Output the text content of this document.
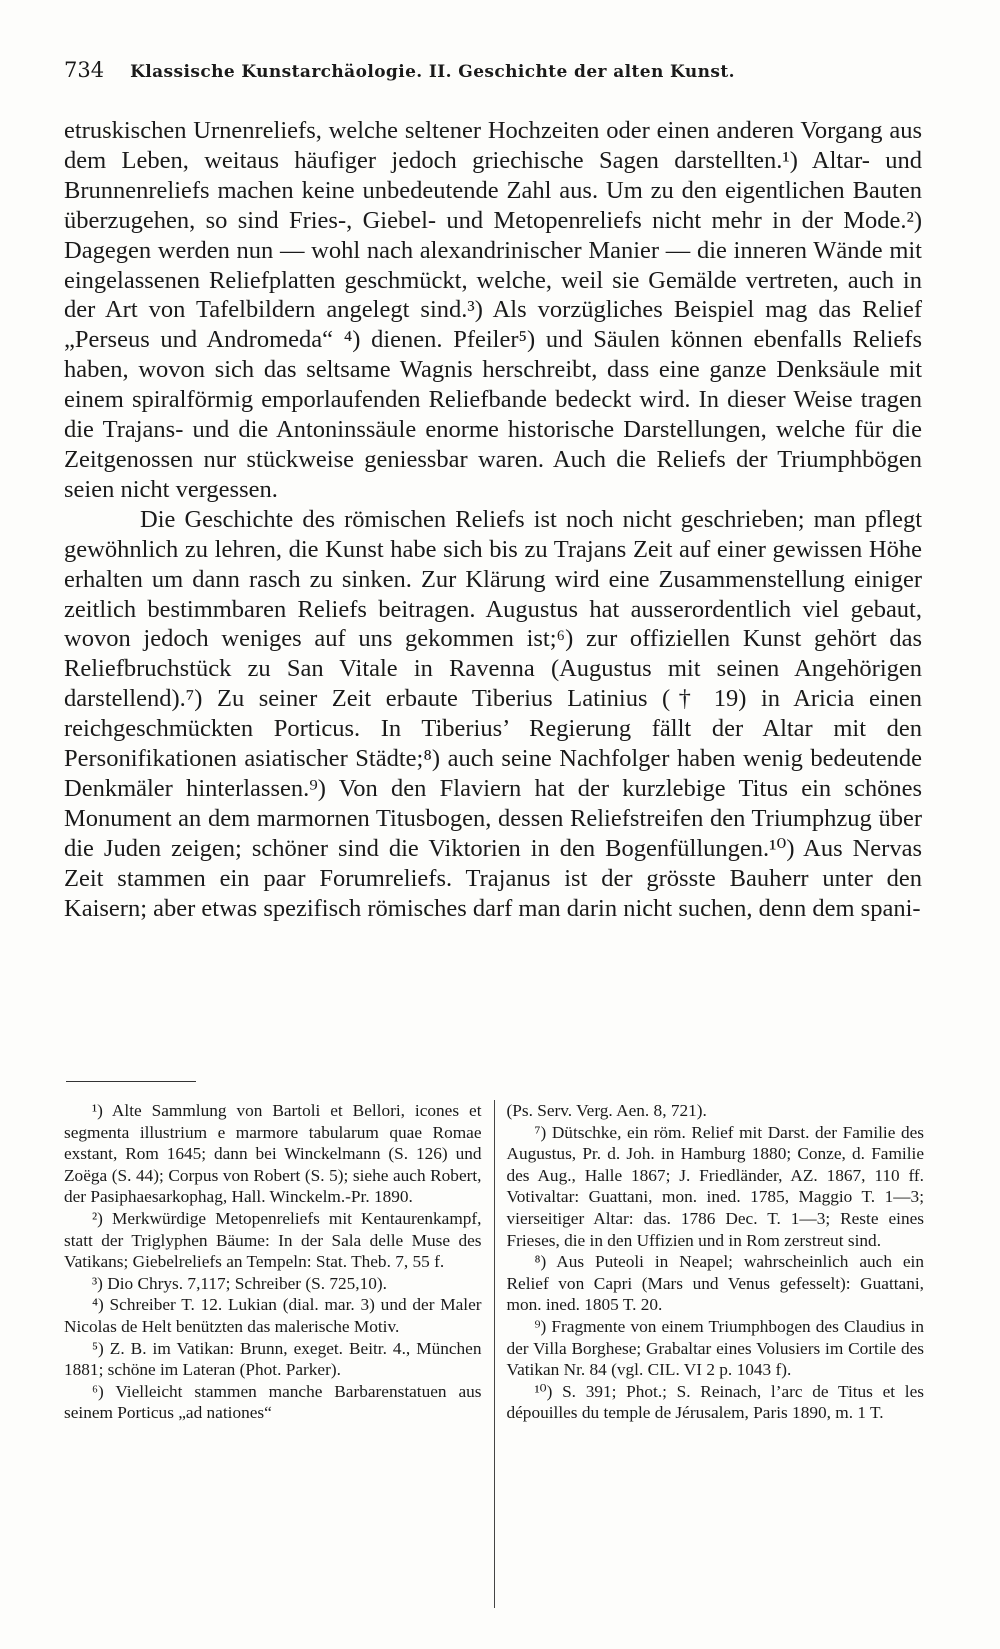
734 Klassische Kunstarchäologie. II. Geschichte der alten Kunst.

etruskischen Urnenreliefs, welche seltener Hochzeiten oder einen anderen Vorgang aus dem Leben, weitaus häufiger jedoch griechische Sagen darstellten.¹) Altar- und Brunnenreliefs machen keine unbedeutende Zahl aus. Um zu den eigentlichen Bauten überzugehen, so sind Fries-, Giebel- und Metopenreliefs nicht mehr in der Mode.²) Dagegen werden nun — wohl nach alexandrinischer Manier — die inneren Wände mit eingelassenen Reliefplatten geschmückt, welche, weil sie Gemälde vertreten, auch in der Art von Tafelbildern angelegt sind.³) Als vorzügliches Beispiel mag das Relief „Perseus und Andromeda“ ⁴) dienen. Pfeiler⁵) und Säulen können ebenfalls Reliefs haben, wovon sich das seltsame Wagnis herschreibt, dass eine ganze Denksäule mit einem spiralförmig emporlaufenden Reliefbande bedeckt wird. In dieser Weise tragen die Trajans- und die Antoninssäule enorme historische Darstellungen, welche für die Zeitgenossen nur stückweise geniessbar waren. Auch die Reliefs der Triumphbögen seien nicht vergessen.

Die Geschichte des römischen Reliefs ist noch nicht geschrieben; man pflegt gewöhnlich zu lehren, die Kunst habe sich bis zu Trajans Zeit auf einer gewissen Höhe erhalten um dann rasch zu sinken. Zur Klärung wird eine Zusammenstellung einiger zeitlich bestimmbaren Reliefs beitragen. Augustus hat ausserordentlich viel gebaut, wovon jedoch weniges auf uns gekommen ist;⁶) zur offiziellen Kunst gehört das Reliefbruchstück zu San Vitale in Ravenna (Augustus mit seinen Angehörigen darstellend).⁷) Zu seiner Zeit erbaute Tiberius Latinius († 19) in Aricia einen reichgeschmückten Porticus. In Tiberius’ Regierung fällt der Altar mit den Personifikationen asiatischer Städte;⁸) auch seine Nachfolger haben wenig bedeutende Denkmäler hinterlassen.⁹) Von den Flaviern hat der kurzlebige Titus ein schönes Monument an dem marmornen Titusbogen, dessen Reliefstreifen den Triumphzug über die Juden zeigen; schöner sind die Viktorien in den Bogenfüllungen.¹⁰) Aus Nervas Zeit stammen ein paar Forumreliefs. Trajanus ist der grösste Bauherr unter den Kaisern; aber etwas spezifisch römisches darf man darin nicht suchen, denn dem spani-

¹) Alte Sammlung von Bartoli et Bellori, icones et segmenta illustrium e marmore tabularum quae Romae exstant, Rom 1645; dann bei Winckelmann (S. 126) und Zoëga (S. 44); Corpus von Robert (S. 5); siehe auch Robert, der Pasiphaesarkophag, Hall. Winckelm.-Pr. 1890.

²) Merkwürdige Metopenreliefs mit Kentaurenkampf, statt der Triglyphen Bäume: In der Sala delle Muse des Vatikans; Giebelreliefs an Tempeln: Stat. Theb. 7, 55 f.

³) Dio Chrys. 7,117; Schreiber (S. 725,10).

⁴) Schreiber T. 12. Lukian (dial. mar. 3) und der Maler Nicolas de Helt benützten das malerische Motiv.

⁵) Z. B. im Vatikan: Brunn, exeget. Beitr. 4., München 1881; schöne im Lateran (Phot. Parker).

⁶) Vielleicht stammen manche Barbarenstatuen aus seinem Porticus „ad nationes“

(Ps. Serv. Verg. Aen. 8, 721).

⁷) Dütschke, ein röm. Relief mit Darst. der Familie des Augustus, Pr. d. Joh. in Hamburg 1880; Conze, d. Familie des Aug., Halle 1867; J. Friedländer, AZ. 1867, 110 ff. Votivaltar: Guattani, mon. ined. 1785, Maggio T. 1—3; vierseitiger Altar: das. 1786 Dec. T. 1—3; Reste eines Frieses, die in den Uffizien und in Rom zerstreut sind.

⁸) Aus Puteoli in Neapel; wahrscheinlich auch ein Relief von Capri (Mars und Venus gefesselt): Guattani, mon. ined. 1805 T. 20.

⁹) Fragmente von einem Triumphbogen des Claudius in der Villa Borghese; Grabaltar eines Volusiers im Cortile des Vatikan Nr. 84 (vgl. CIL. VI 2 p. 1043 f).

¹⁰) S. 391; Phot.; S. Reinach, l’arc de Titus et les dépouilles du temple de Jérusalem, Paris 1890, m. 1 T.
